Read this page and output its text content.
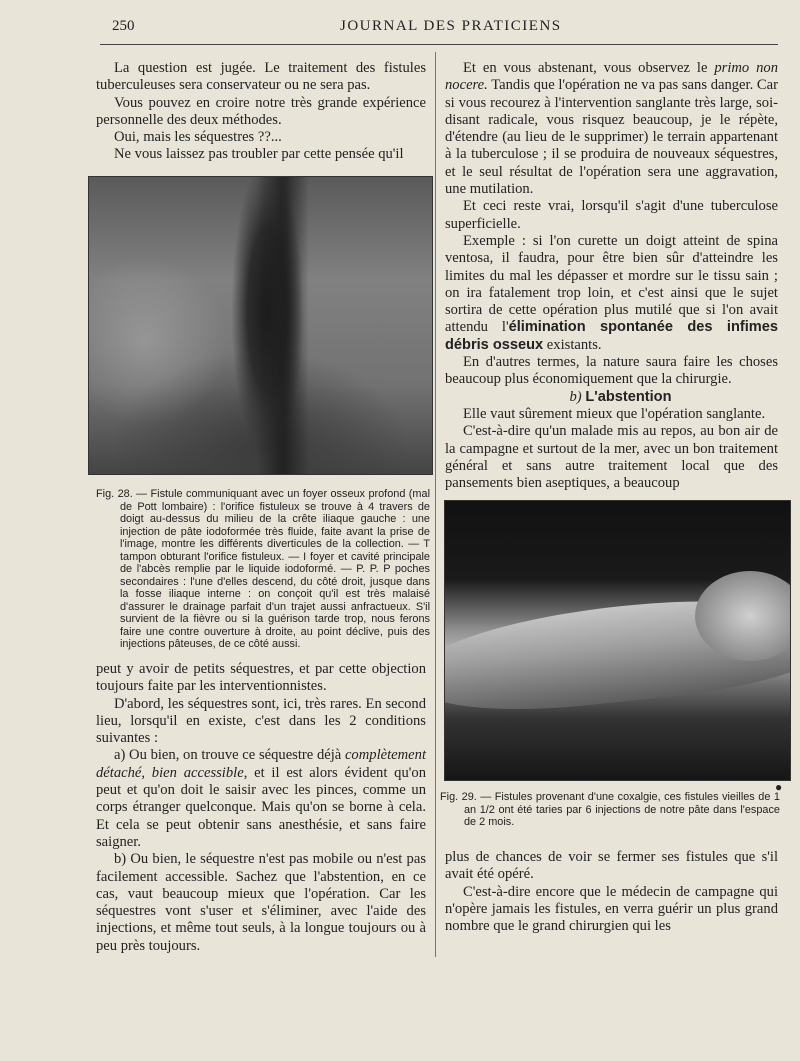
250	JOURNAL DES PRATICIENS

La question est jugée. Le traitement des fistules tuberculeuses sera conservateur ou ne sera pas.

Vous pouvez en croire notre très grande expérience personnelle des deux méthodes.

Oui, mais les séquestres ??...

Ne vous laissez pas troubler par cette pensée qu'il

Fig. 28. — Fistule communiquant avec un foyer osseux profond (mal de Pott lombaire) : l'orifice fistuleux se trouve à 4 travers de doigt au-dessus du milieu de la crête iliaque gauche : une injection de pâte iodoformée très fluide, faite avant la prise de l'image, montre les différents diverticules de la collection. — T tampon obturant l'orifice fistuleux. — I foyer et cavité principale de l'abcès remplie par le liquide iodoformé. — P. P. P poches secondaires : l'une d'elles descend, du côté droit, jusque dans la fosse iliaque interne : on conçoit qu'il est très malaisé d'assurer le drainage parfait d'un trajet aussi anfractueux. S'il survient de la fièvre ou si la guérison tarde trop, nous ferons faire une contre ouverture à droite, au point déclive, puis des injections pâteuses, de ce côté aussi.

peut y avoir de petits séquestres, et par cette objection toujours faite par les interventionnistes.

D'abord, les séquestres sont, ici, très rares. En second lieu, lorsqu'il en existe, c'est dans les 2 conditions suivantes :

a) Ou bien, on trouve ce séquestre déjà complètement détaché, bien accessible, et il est alors évident qu'on peut et qu'on doit le saisir avec les pinces, comme un corps étranger quelconque. Mais qu'on se borne à cela. Et cela se peut obtenir sans anesthésie, et sans faire saigner.

b) Ou bien, le séquestre n'est pas mobile ou n'est pas facilement accessible. Sachez que l'abstention, en ce cas, vaut beaucoup mieux que l'opération. Car les séquestres vont s'user et s'éliminer, avec l'aide des injections, et même tout seuls, à la longue toujours ou à peu près toujours.

Et en vous abstenant, vous observez le primo non nocere. Tandis que l'opération ne va pas sans danger. Car si vous recourez à l'intervention sanglante très large, soi-disant radicale, vous risquez beaucoup, je le répète, d'étendre (au lieu de le supprimer) le terrain appartenant à la tuberculose ; il se produira de nouveaux séquestres, et le seul résultat de l'opération sera une aggravation, une mutilation.

Et ceci reste vrai, lorsqu'il s'agit d'une tuberculose superficielle.

Exemple : si l'on curette un doigt atteint de spina ventosa, il faudra, pour être bien sûr d'atteindre les limites du mal les dépasser et mordre sur le tissu sain ; on ira fatalement trop loin, et c'est ainsi que le sujet sortira de cette opération plus mutilé que si l'on avait attendu l'élimination spontanée des infimes débris osseux existants.

En d'autres termes, la nature saura faire les choses beaucoup plus économiquement que la chirurgie.

b) L'abstention

Elle vaut sûrement mieux que l'opération sanglante.

C'est-à-dire qu'un malade mis au repos, au bon air de la campagne et surtout de la mer, avec un bon traitement général et sans autre traitement local que des pansements bien aseptiques, a beaucoup

●

Fig. 29. — Fistules provenant d'une coxalgie, ces fistules vieilles de 1 an 1/2 ont été taries par 6 injections de notre pâte dans l'espace de 2 mois.

plus de chances de voir se fermer ses fistules que s'il avait été opéré.

C'est-à-dire encore que le médecin de campagne qui n'opère jamais les fistules, en verra guérir un plus grand nombre que le grand chirurgien qui les
